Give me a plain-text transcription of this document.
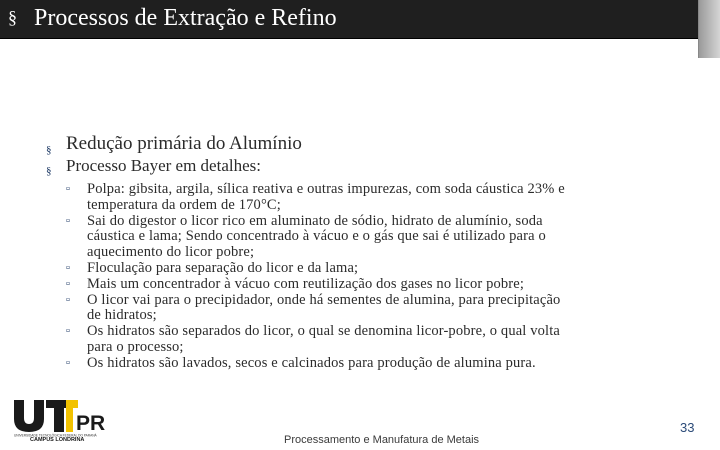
§ Processos de Extração e Refino
§ Redução primária do Alumínio
§ Processo Bayer em detalhes:
▫ Polpa: gibsita, argila, sílica reativa e outras impurezas, com soda cáustica 23% e
temperatura da ordem de 170°C;
▫ Sai do digestor o licor rico em aluminato de sódio, hidrato de alumínio, soda
cáustica e lama; Sendo concentrado à vácuo e o gás que sai é utilizado para o
aquecimento do licor pobre;
▫ Floculação para separação do licor e da lama;
▫ Mais um concentrador à vácuo com reutilização dos gases no licor pobre;
▫ O licor vai para o precipidador, onde há sementes de alumina, para precipitação
de hidratos;
▫ Os hidratos são separados do licor, o qual se denomina licor-pobre, o qual volta
para o processo;
▫ Os hidratos são lavados, secos e calcinados para produção de alumina pura.
PR
UNIVERSIDADE TECNOLÓGICA FEDERAL DO PARANÁ
CAMPUS LONDRINA	Processamento e Manufatura de Metais
33
